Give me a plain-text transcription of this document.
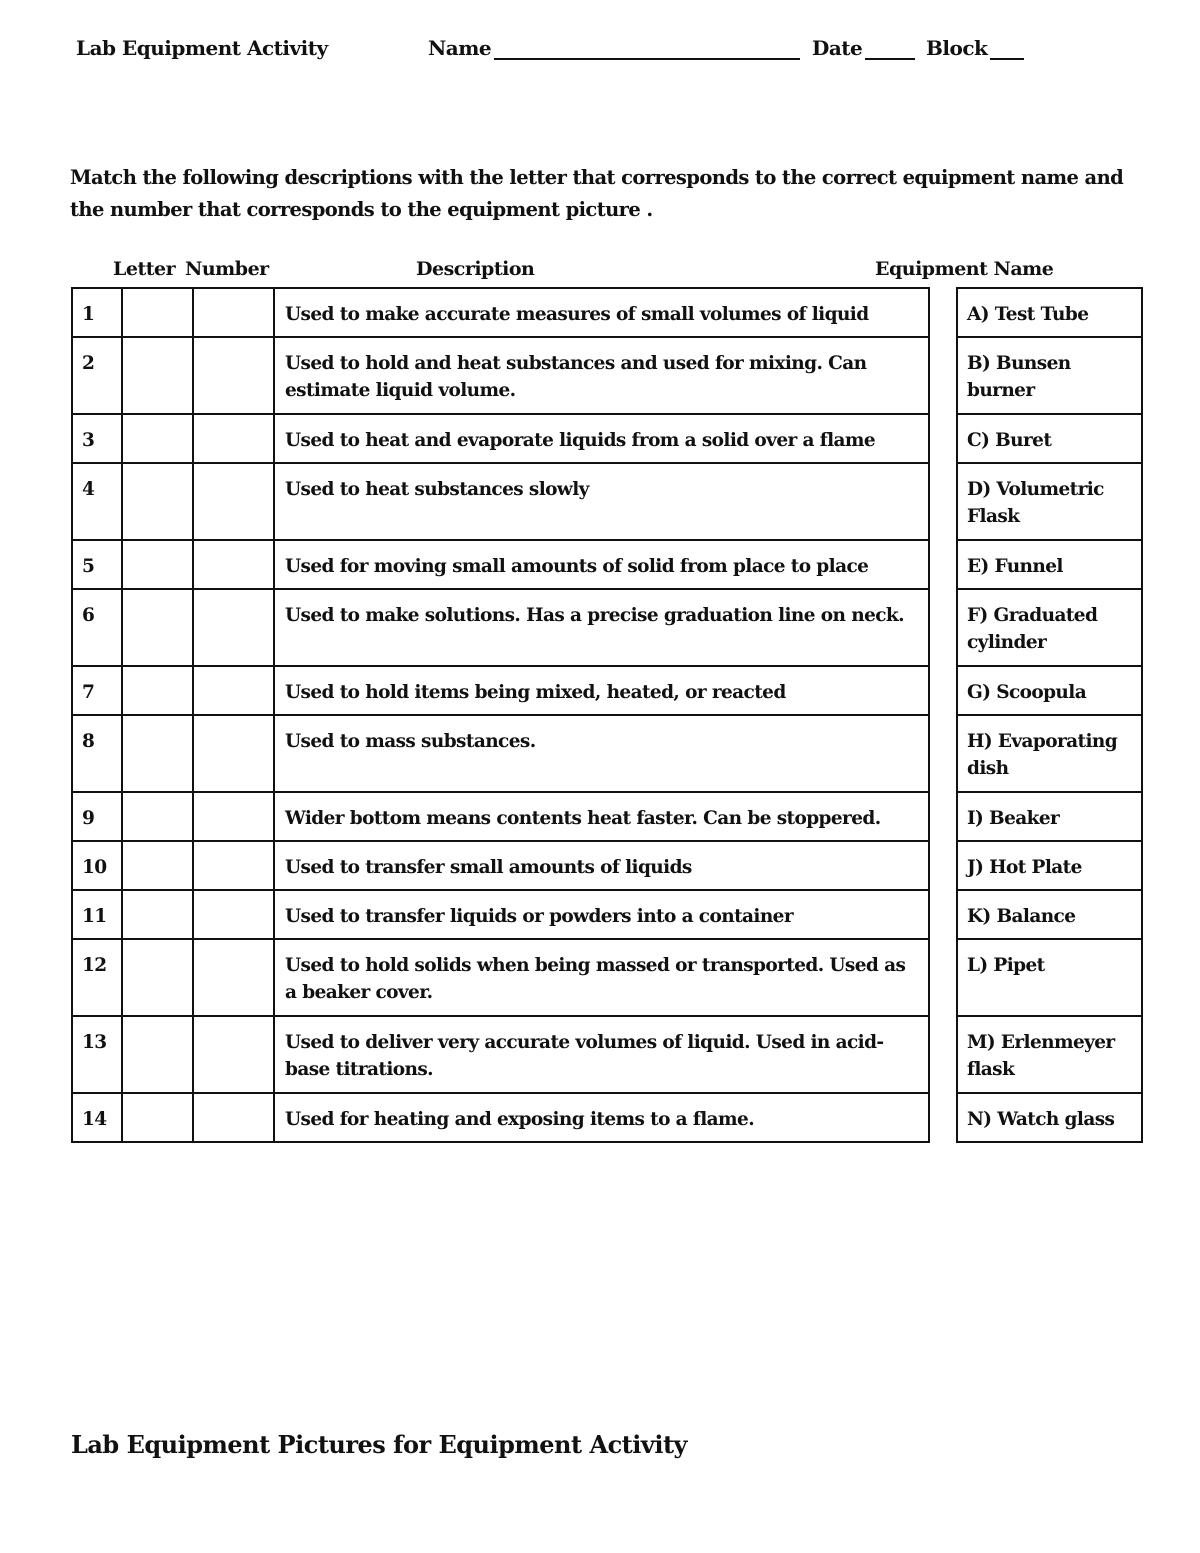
Lab Equipment Activity	Name	Date	Block
Match the following descriptions with the letter that corresponds to the correct equipment name and the number that corresponds to the equipment picture .
Letter Number	Description	Equipment Name
1			Used to make accurate measures of small volumes of liquid		A) Test Tube
2			Used to hold and heat substances and used for mixing. Can estimate liquid volume.		B) Bunsen burner
3			Used to heat and evaporate liquids from a solid over a flame		C) Buret
4			Used to heat substances slowly		D) Volumetric Flask
5			Used for moving small amounts of solid from place to place		E) Funnel
6			Used to make solutions. Has a precise graduation line on neck.		F) Graduated cylinder
7			Used to hold items being mixed, heated, or reacted		G) Scoopula
8			Used to mass substances.		H) Evaporating dish
9			Wider bottom means contents heat faster. Can be stoppered.		I) Beaker
10			Used to transfer small amounts of liquids		J) Hot Plate
11			Used to transfer liquids or powders into a container		K) Balance
12			Used to hold solids when being massed or transported. Used as a beaker cover.		L) Pipet
13			Used to deliver very accurate volumes of liquid. Used in acid-base titrations.		M) Erlenmeyer flask
14			Used for heating and exposing items to a flame.		N) Watch glass
Lab Equipment Pictures for Equipment Activity
